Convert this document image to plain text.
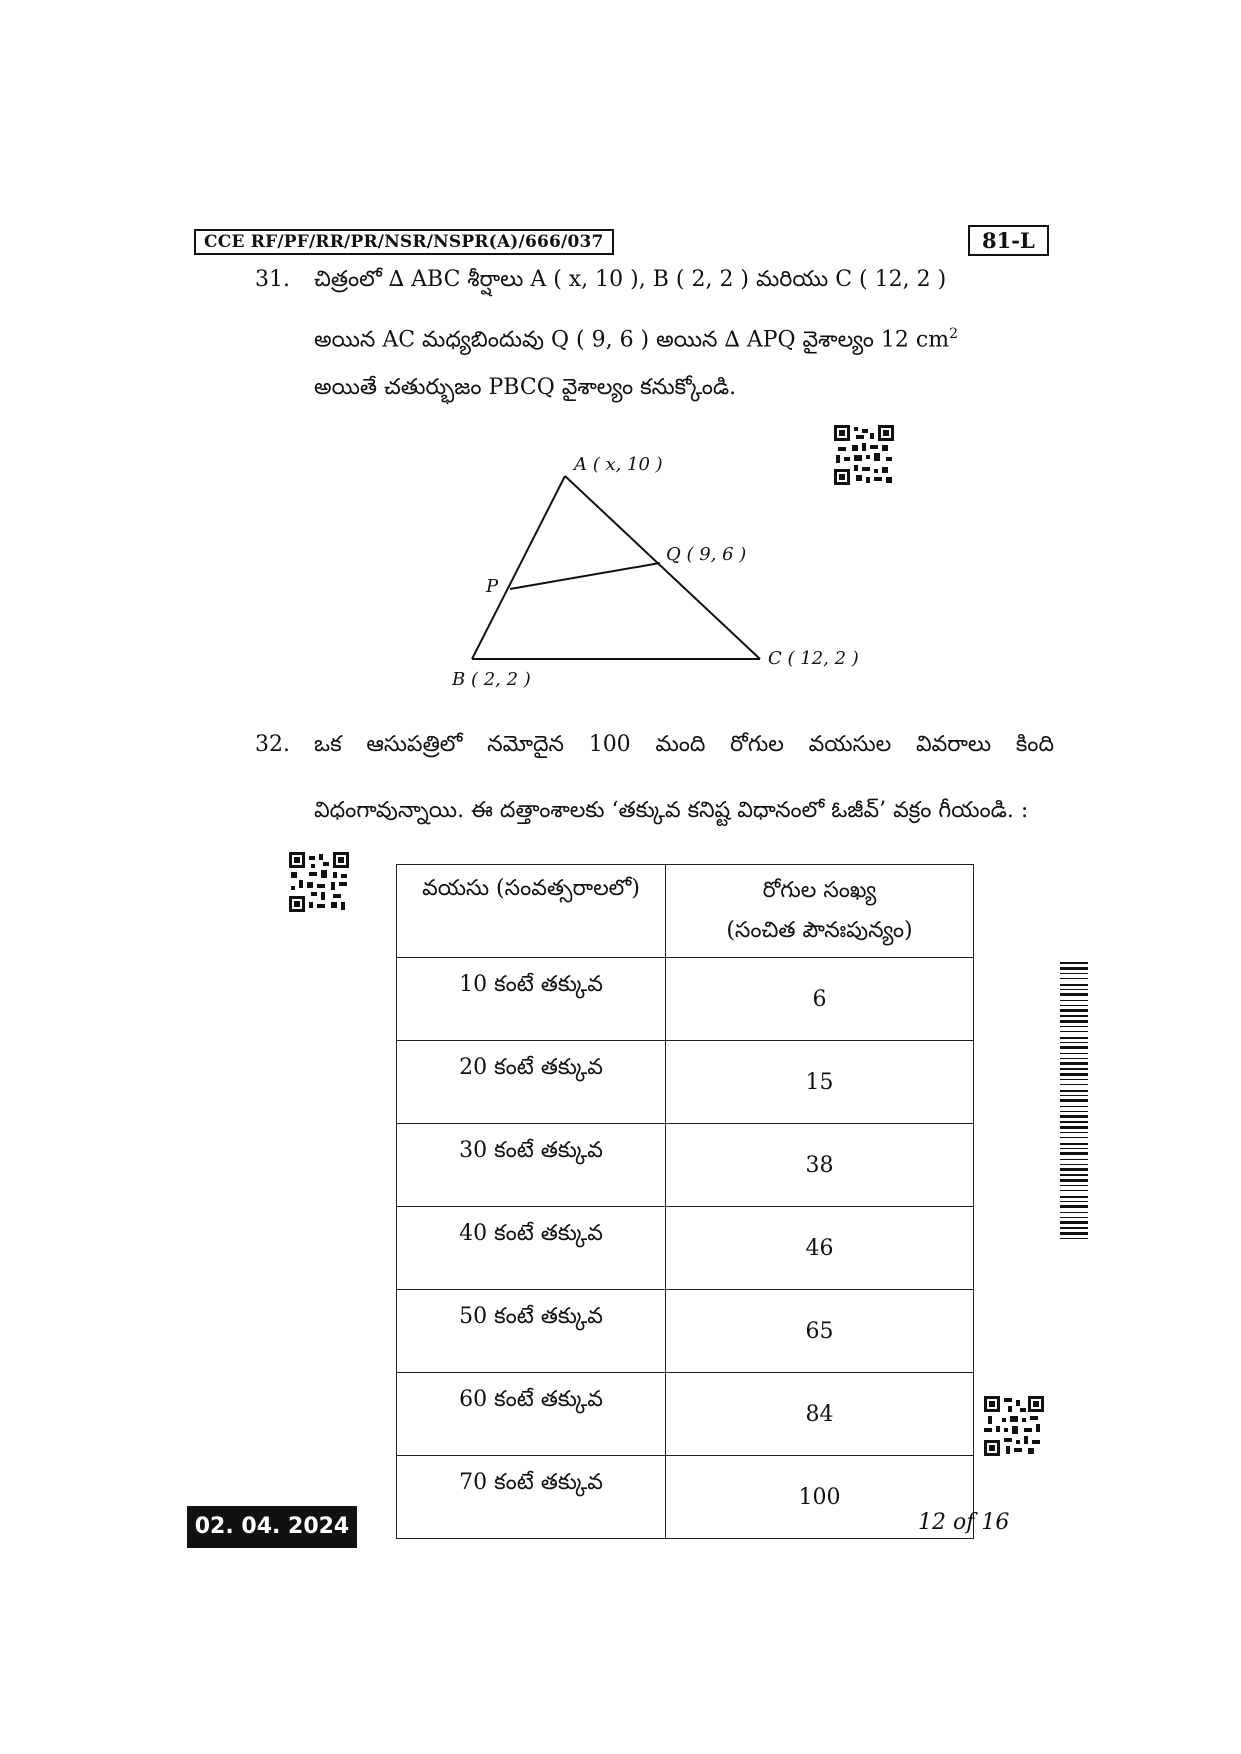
CCE RF/PF/RR/PR/NSR/NSPR(A)/666/037	81-L
31. చిత్రంలో ∆ ABC శీర్షాలు A ( x, 10 ), B ( 2, 2 ) మరియు C ( 12, 2 )
అయిన AC మధ్యబిందువు Q ( 9, 6 ) అయిన ∆ APQ వైశాల్యం 12 $cm^2$
అయితే చతుర్భుజం PBCQ వైశాల్యం కనుక్కోండి.
A ( x, 10 )
Q ( 9, 6 )
P
B ( 2, 2 )
C ( 12, 2 )
32. ఒక ఆసుపత్రిలో నమోదైన 100 మంది రోగుల వయసుల వివరాలు కింది
విధంగావున్నాయి. ఈ దత్తాంశాలకు ‘తక్కువ కనిష్ట విధానంలో ఓజీవ్’ వక్రం గీయండి. :
వయసు (సంవత్సరాలలో)	రోగుల సంఖ్య
(సంచిత పౌనఃపున్యం)

10 కంటే తక్కువ	6
20 కంటే తక్కువ	15
30 కంటే తక్కువ	38
40 కంటే తక్కువ	46
50 కంటే తక్కువ	65
60 కంటే తక్కువ	84
70 కంటే తక్కువ	100
02. 04. 2024	12 of 16
